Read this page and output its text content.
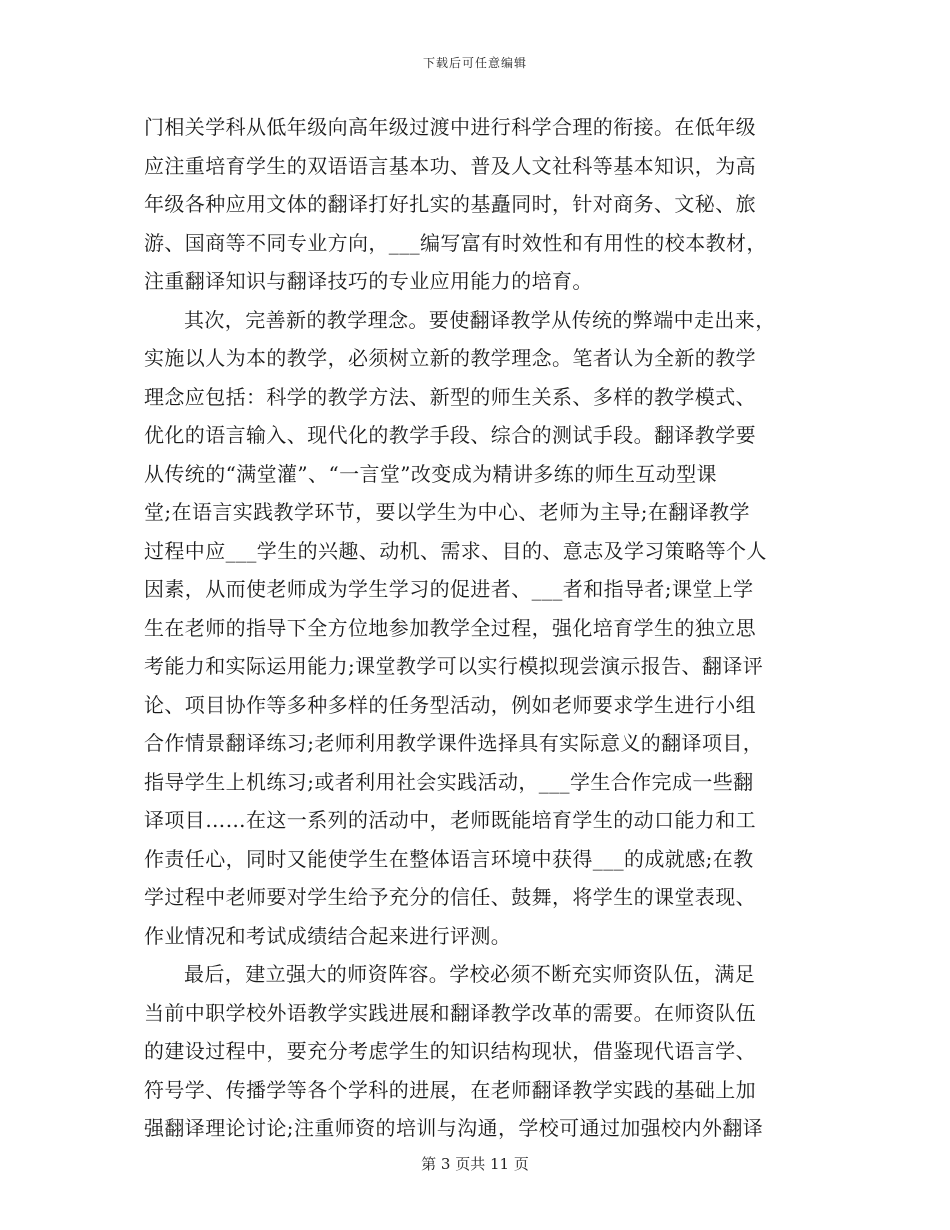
下载后可任意编辑
门相关学科从低年级向高年级过渡中进行科学合理的衔接。在低年级
应注重培育学生的双语语言基本功、普及人文社科等基本知识，为高
年级各种应用文体的翻译打好扎实的基矗同时，针对商务、文秘、旅
游、国商等不同专业方向，___编写富有时效性和有用性的校本教材，
注重翻译知识与翻译技巧的专业应用能力的培育。
其次，完善新的教学理念。要使翻译教学从传统的弊端中走出来，
实施以人为本的教学，必须树立新的教学理念。笔者认为全新的教学
理念应包括：科学的教学方法、新型的师生关系、多样的教学模式、
优化的语言输入、现代化的教学手段、综合的测试手段。翻译教学要
从传统的“满堂灌”、“一言堂”改变成为精讲多练的师生互动型课
堂;在语言实践教学环节，要以学生为中心、老师为主导;在翻译教学
过程中应___学生的兴趣、动机、需求、目的、意志及学习策略等个人
因素，从而使老师成为学生学习的促进者、___者和指导者;课堂上学
生在老师的指导下全方位地参加教学全过程，强化培育学生的独立思
考能力和实际运用能力;课堂教学可以实行模拟现尝演示报告、翻译评
论、项目协作等多种多样的任务型活动，例如老师要求学生进行小组
合作情景翻译练习;老师利用教学课件选择具有实际意义的翻译项目，
指导学生上机练习;或者利用社会实践活动，___学生合作完成一些翻
译项目……在这一系列的活动中，老师既能培育学生的动口能力和工
作责任心，同时又能使学生在整体语言环境中获得___的成就感;在教
学过程中老师要对学生给予充分的信任、鼓舞，将学生的课堂表现、
作业情况和考试成绩结合起来进行评测。
最后，建立强大的师资阵容。学校必须不断充实师资队伍，满足
当前中职学校外语教学实践进展和翻译教学改革的需要。在师资队伍
的建设过程中，要充分考虑学生的知识结构现状，借鉴现代语言学、
符号学、传播学等各个学科的进展，在老师翻译教学实践的基础上加
强翻译理论讨论;注重师资的培训与沟通，学校可通过加强校内外翻译
第 3 页共 11 页
